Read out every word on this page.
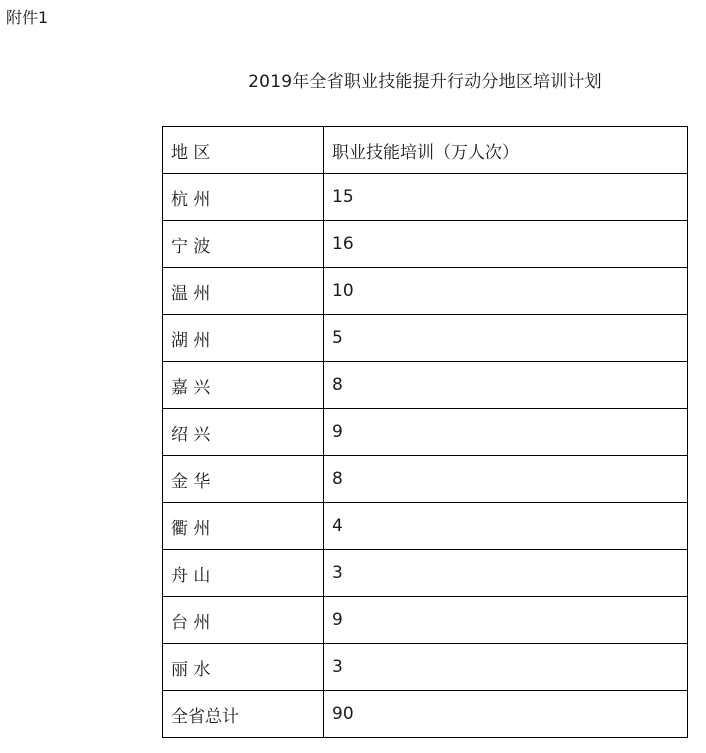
附件1
2019年全省职业技能提升行动分地区培训计划
地 区	职业技能培训（万人次）
杭 州	15
宁 波	16
温 州	10
湖 州	5
嘉 兴	8
绍 兴	9
金 华	8
衢 州	4
舟 山	3
台 州	9
丽 水	3
全省总计	90
